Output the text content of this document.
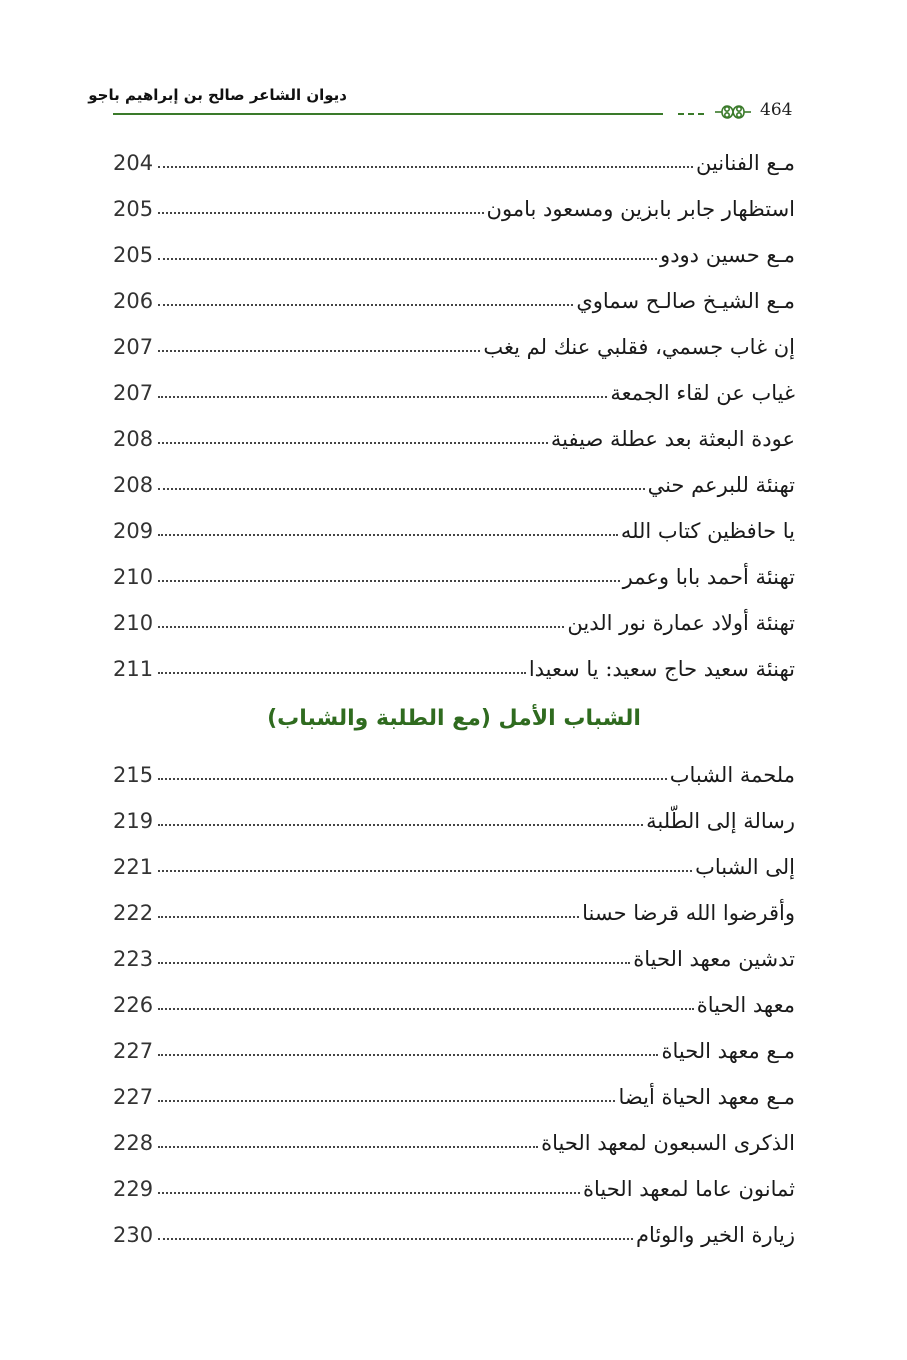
ديوان الشاعر صالح بن إبراهيم باجو
464
مـع الفنانين
204
استظهار جابر بابزين ومسعود بامون
205
مـع حسين دودو
205
مـع الشيـخ صالـح سماوي
206
إن غاب جسمي، فقلبي عنك لم يغب
207
غياب عن لقاء الجمعة
207
عودة البعثة بعد عطلة صيفية
208
تهنئة للبرعم حني
208
يا حافظين كتاب الله
209
تهنئة أحمد بابا وعمر
210
تهنئة أولاد عمارة نور الدين
210
تهنئة سعيد حاج سعيد: يا سعيدا
211
الشباب الأمل (مع الطلبة والشباب)
ملحمة الشباب
215
رسالة إلى الطّلبة
219
إلى الشباب
221
وأقرضوا الله قرضا حسنا
222
تدشين معهد الحياة
223
معهد الحياة
226
مـع معهد الحياة
227
مـع معهد الحياة أيضا
227
الذكرى السبعون لمعهد الحياة
228
ثمانون عاما لمعهد الحياة
229
زيارة الخير والوئام
230
